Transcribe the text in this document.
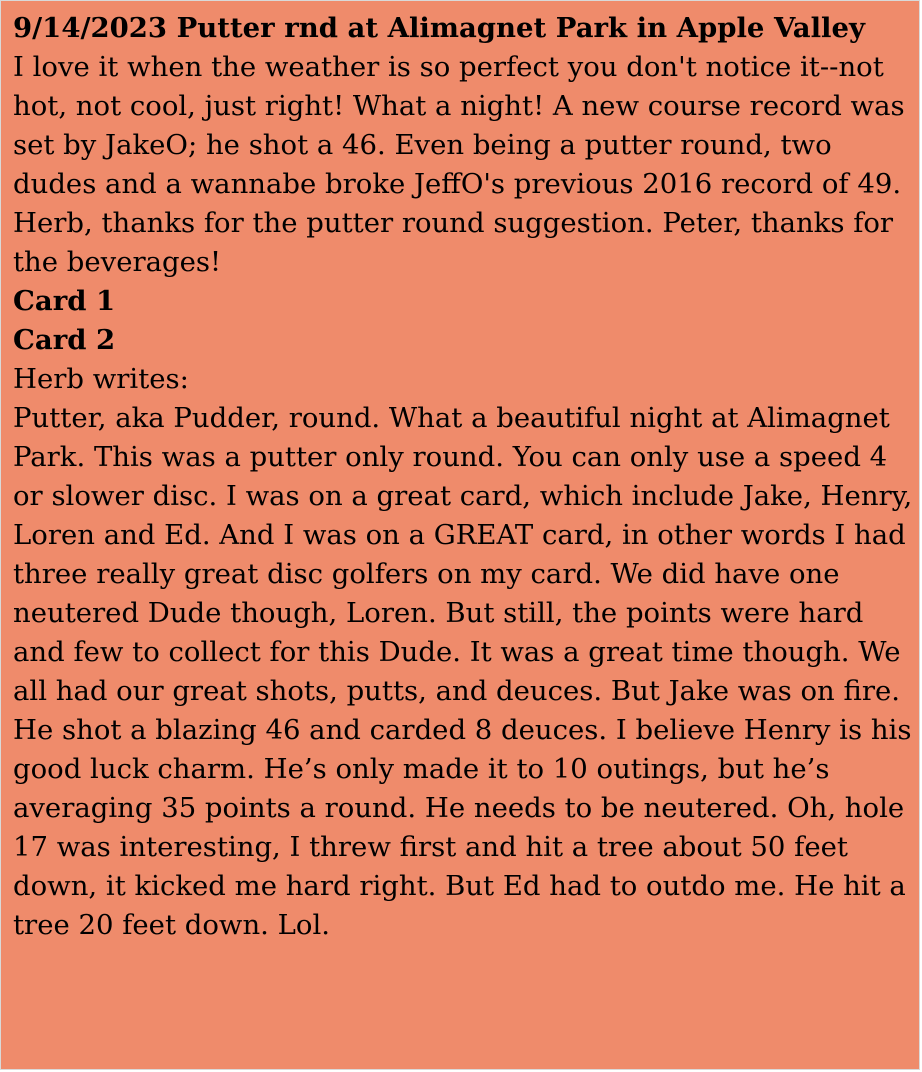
9/14/2023 Putter rnd at Alimagnet Park in Apple Valley

I love it when the weather is so perfect you don't notice it--not hot, not cool, just right! What a night! A new course record was set by JakeO; he shot a 46. Even being a putter round, two dudes and a wannabe broke JeffO's previous 2016 record of 49. Herb, thanks for the putter round suggestion. Peter, thanks for the beverages!

Card 1
Card 2

Herb writes:

Putter, aka Pudder, round. What a beautiful night at Alimagnet Park. This was a putter only round. You can only use a speed 4 or slower disc. I was on a great card, which include Jake, Henry, Loren and Ed. And I was on a GREAT card, in other words I had three really great disc golfers on my card. We did have one neutered Dude though, Loren. But still, the points were hard and few to collect for this Dude. It was a great time though. We all had our great shots, putts, and deuces. But Jake was on fire. He shot a blazing 46 and carded 8 deuces. I believe Henry is his good luck charm. He’s only made it to 10 outings, but he’s averaging 35 points a round. He needs to be neutered. Oh, hole 17 was interesting, I threw first and hit a tree about 50 feet down, it kicked me hard right. But Ed had to outdo me. He hit a tree 20 feet down. Lol.
